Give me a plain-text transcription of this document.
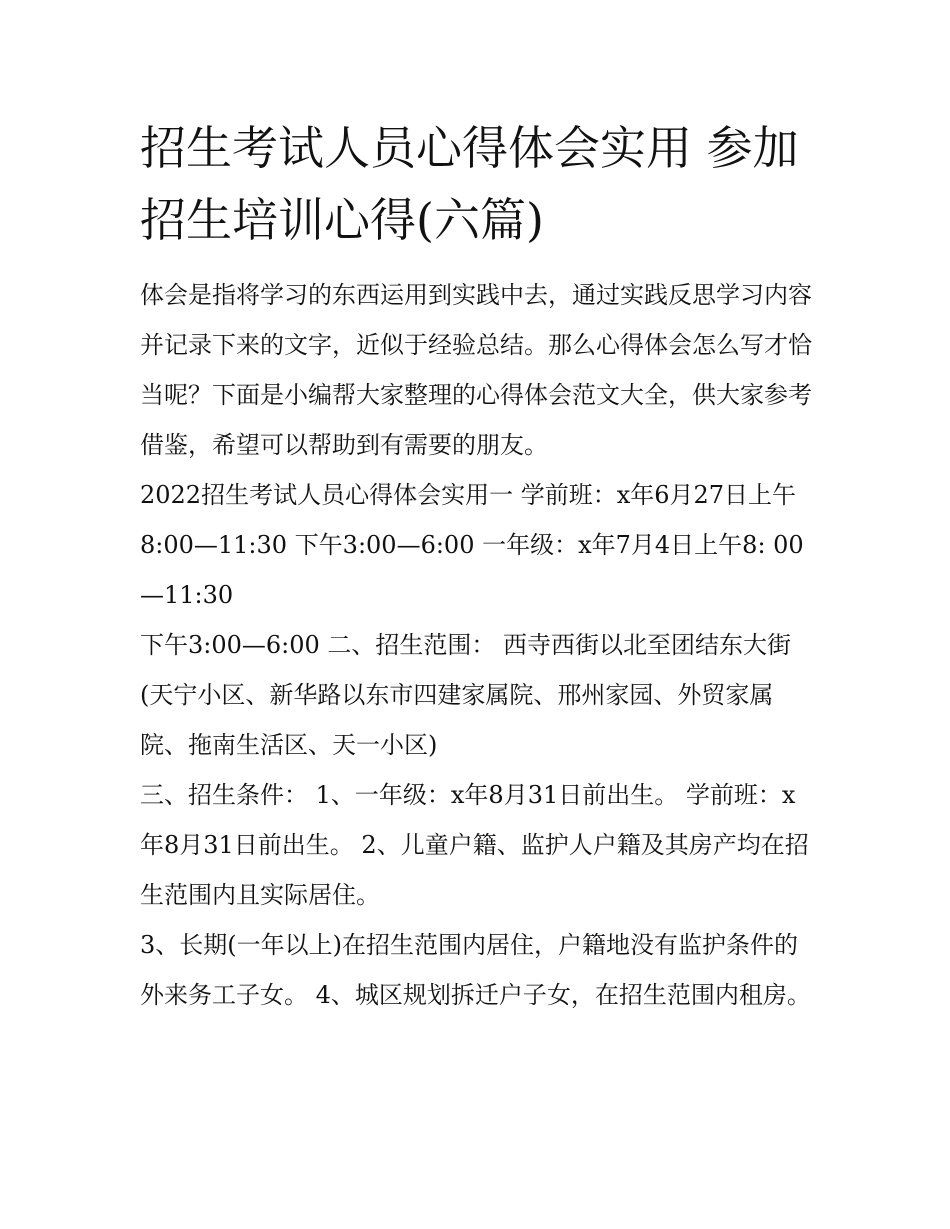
招生考试人员心得体会实用 参加招生培训心得(六篇)

体会是指将学习的东西运用到实践中去，通过实践反思学习内容并记录下来的文字，近似于经验总结。那么心得体会怎么写才恰当呢？下面是小编帮大家整理的心得体会范文大全，供大家参考借鉴，希望可以帮助到有需要的朋友。

2022招生考试人员心得体会实用一 学前班：x年6月27日上午8:00—11:30 下午3:00—6:00 一年级：x年7月4日上午8: 00—11:30

下午3:00—6:00 二、招生范围： 西寺西街以北至团结东大街(天宁小区、新华路以东市四建家属院、邢州家园、外贸家属院、拖南生活区、天一小区)

三、招生条件： 1、一年级：x年8月31日前出生。 学前班：x年8月31日前出生。 2、儿童户籍、监护人户籍及其房产均在招生范围内且实际居住。

3、长期(一年以上)在招生范围内居住，户籍地没有监护条件的外来务工子女。 4、城区规划拆迁户子女，在招生范围内租房。
